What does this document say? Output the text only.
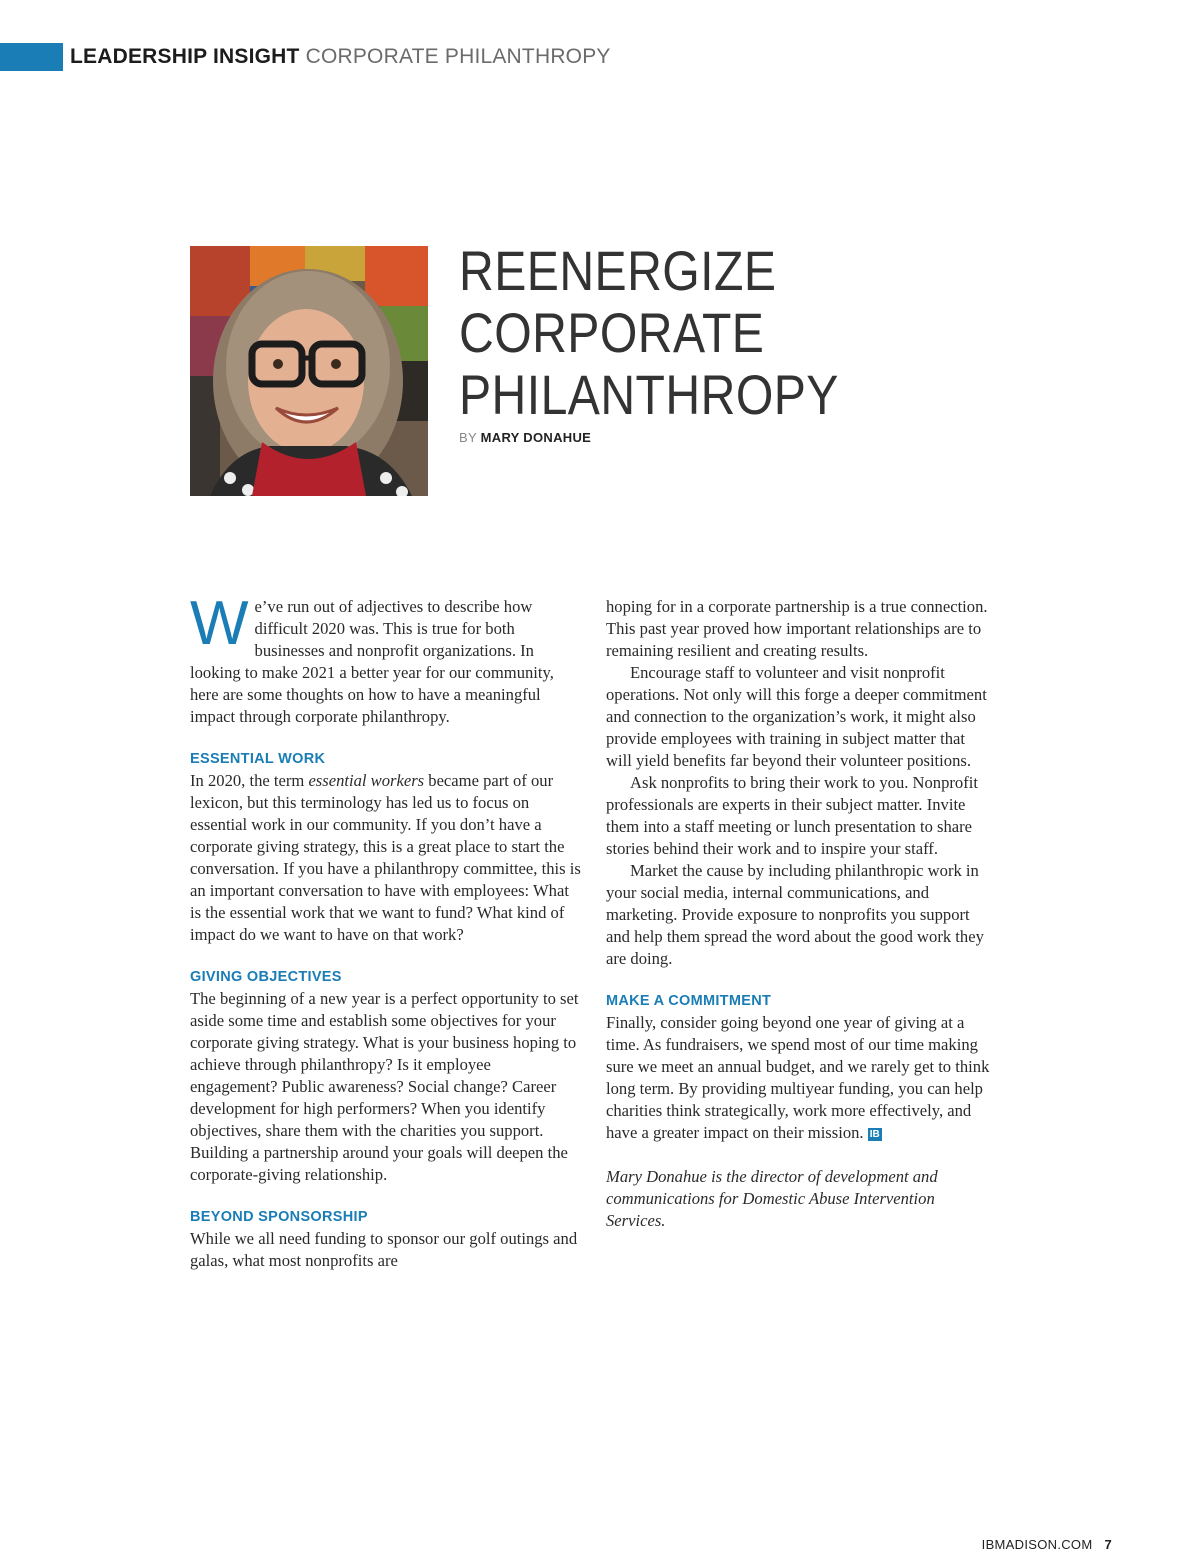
LEADERSHIP INSIGHT CORPORATE PHILANTHROPY
REENERGIZE
CORPORATE
PHILANTHROPY
BY MARY DONAHUE

We’ve run out of adjectives to describe how difficult 2020 was. This is true for both businesses and nonprofit organizations. In looking to make 2021 a better year for our community, here are some thoughts on how to have a meaningful impact through corporate philanthropy.

ESSENTIAL WORK

In 2020, the term essential workers became part of our lexicon, but this terminology has led us to focus on essential work in our community. If you don’t have a corporate giving strategy, this is a great place to start the conversation. If you have a philanthropy committee, this is an important conversation to have with employees: What is the essential work that we want to fund? What kind of impact do we want to have on that work?

GIVING OBJECTIVES

The beginning of a new year is a perfect opportunity to set aside some time and establish some objectives for your corporate giving strategy. What is your business hoping to achieve through philanthropy? Is it employee engagement? Public awareness? Social change? Career development for high performers? When you identify objectives, share them with the charities you support. Building a partnership around your goals will deepen the corporate-giving relationship.

BEYOND SPONSORSHIP

While we all need funding to sponsor our golf outings and galas, what most nonprofits are

hoping for in a corporate partnership is a true connection. This past year proved how important relationships are to remaining resilient and creating results.

Encourage staff to volunteer and visit nonprofit operations. Not only will this forge a deeper commitment and connection to the organization’s work, it might also provide employees with training in subject matter that will yield benefits far beyond their volunteer positions.

Ask nonprofits to bring their work to you. Nonprofit professionals are experts in their subject matter. Invite them into a staff meeting or lunch presentation to share stories behind their work and to inspire your staff.

Market the cause by including philanthropic work in your social media, internal communications, and marketing. Provide exposure to nonprofits you support and help them spread the word about the good work they are doing.

MAKE A COMMITMENT

Finally, consider going beyond one year of giving at a time. As fundraisers, we spend most of our time making sure we meet an annual budget, and we rarely get to think long term. By providing multiyear funding, you can help charities think strategically, work more effectively, and have a greater impact on their mission. IB

Mary Donahue is the director of development and communications for Domestic Abuse Intervention Services.

IBMADISON.COM 7
